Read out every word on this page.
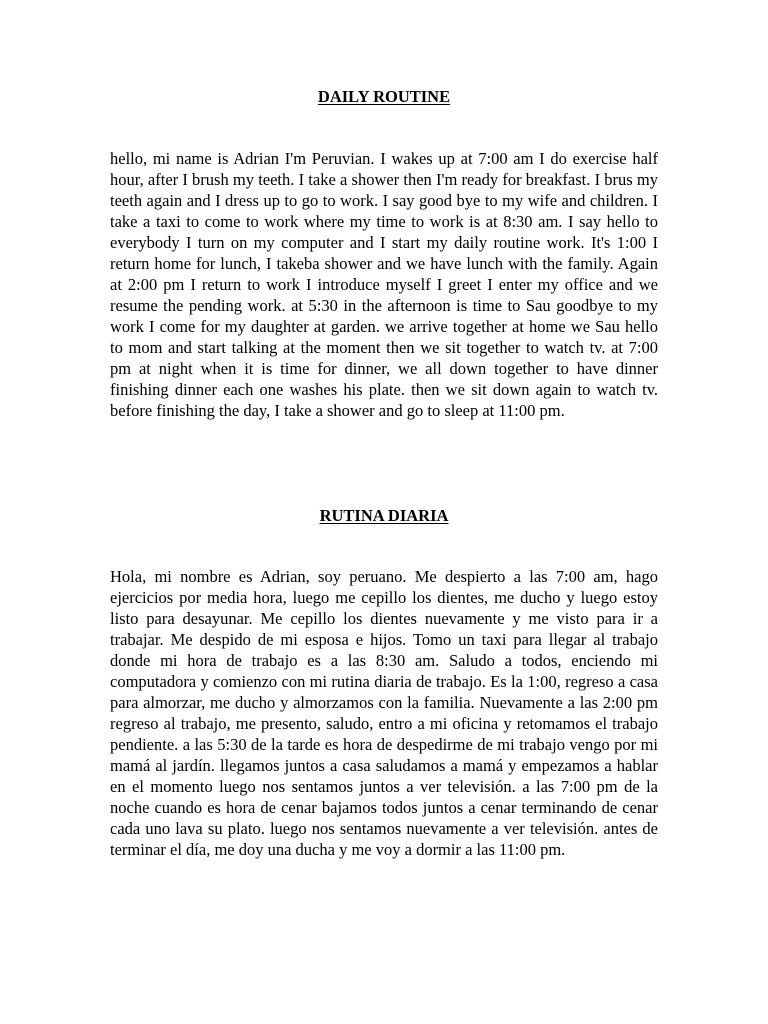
DAILY ROUTINE

hello, mi name is Adrian I'm Peruvian. I wakes up at 7:00 am I do exercise half hour, after I brush my teeth. I take a shower then I'm ready for breakfast. I brus my teeth again and I dress up to go to work. I say good bye to my wife and children. I take a taxi to come to work where my time to work is at 8:30 am. I say hello to everybody I turn on my computer and I start my daily routine work. It's 1:00 I return home for lunch, I takeba shower and we have lunch with the family. Again at 2:00 pm I return to work I introduce myself I greet I enter my office and we resume the pending work. at 5:30 in the afternoon is time to Sau goodbye to my work I come for my daughter at garden. we arrive together at home we Sau hello to mom and start talking at the moment then we sit together to watch tv. at 7:00 pm at night when it is time for dinner, we all down together to have dinner finishing dinner each one washes his plate. then we sit down again to watch tv. before finishing the day, I take a shower and go to sleep at 11:00 pm.

RUTINA DIARIA

Hola, mi nombre es Adrian, soy peruano. Me despierto a las 7:00 am, hago ejercicios por media hora, luego me cepillo los dientes, me ducho y luego estoy listo para desayunar. Me cepillo los dientes nuevamente y me visto para ir a trabajar. Me despido de mi esposa e hijos. Tomo un taxi para llegar al trabajo donde mi hora de trabajo es a las 8:30 am. Saludo a todos, enciendo mi computadora y comienzo con mi rutina diaria de trabajo. Es la 1:00, regreso a casa para almorzar, me ducho y almorzamos con la familia. Nuevamente a las 2:00 pm regreso al trabajo, me presento, saludo, entro a mi oficina y retomamos el trabajo pendiente. a las 5:30 de la tarde es hora de despedirme de mi trabajo vengo por mi mamá al jardín. llegamos juntos a casa saludamos a mamá y empezamos a hablar en el momento luego nos sentamos juntos a ver televisión. a las 7:00 pm de la noche cuando es hora de cenar bajamos todos juntos a cenar terminando de cenar cada uno lava su plato. luego nos sentamos nuevamente a ver televisión. antes de terminar el día, me doy una ducha y me voy a dormir a las 11:00 pm.
